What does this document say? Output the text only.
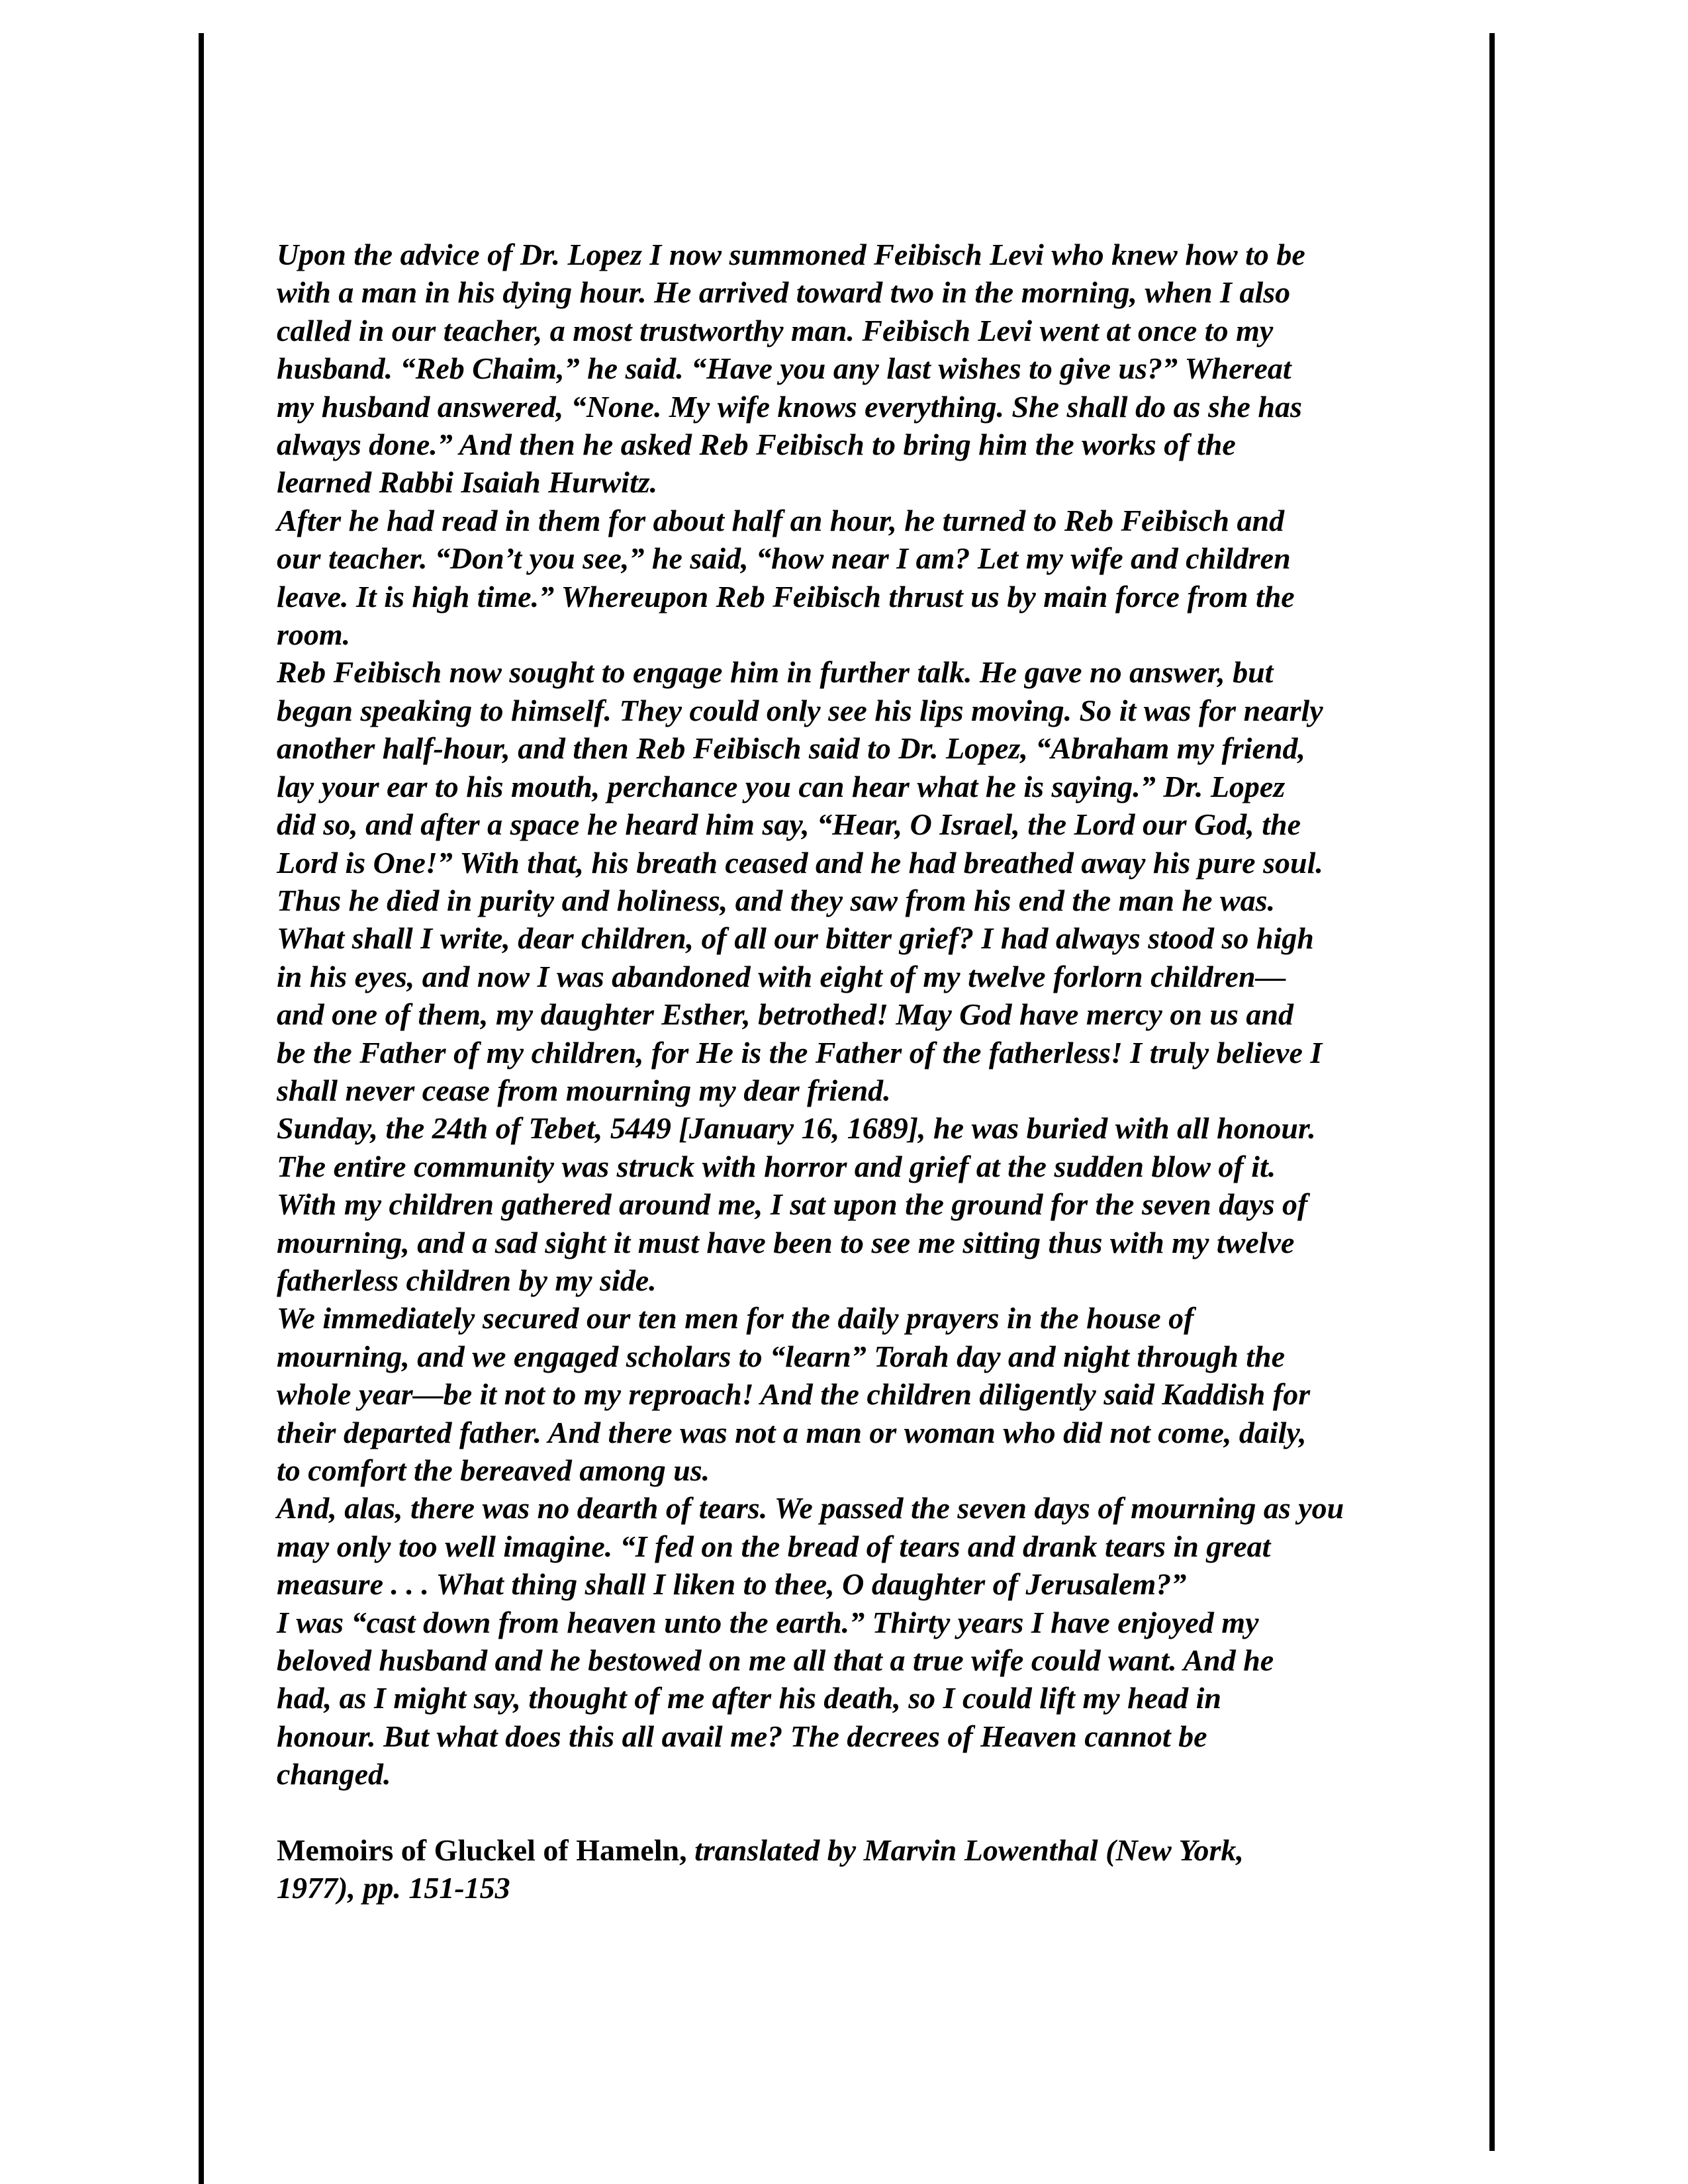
Upon the advice of Dr. Lopez I now summoned Feibisch Levi who knew how to be
with a man in his dying hour. He arrived toward two in the morning, when I also
called in our teacher, a most trustworthy man. Feibisch Levi went at once to my
husband. “Reb Chaim,” he said. “Have you any last wishes to give us?” Whereat
my husband answered, “None. My wife knows everything. She shall do as she has
always done.” And then he asked Reb Feibisch to bring him the works of the
learned Rabbi Isaiah Hurwitz.

After he had read in them for about half an hour, he turned to Reb Feibisch and
our teacher. “Don’t you see,” he said, “how near I am? Let my wife and children
leave. It is high time.” Whereupon Reb Feibisch thrust us by main force from the
room.

Reb Feibisch now sought to engage him in further talk. He gave no answer, but
began speaking to himself. They could only see his lips moving. So it was for nearly
another half-hour, and then Reb Feibisch said to Dr. Lopez, “Abraham my friend,
lay your ear to his mouth, perchance you can hear what he is saying.” Dr. Lopez
did so, and after a space he heard him say, “Hear, O Israel, the Lord our God, the
Lord is One!” With that, his breath ceased and he had breathed away his pure soul.
Thus he died in purity and holiness, and they saw from his end the man he was.

What shall I write, dear children, of all our bitter grief? I had always stood so high
in his eyes, and now I was abandoned with eight of my twelve forlorn children—
and one of them, my daughter Esther, betrothed! May God have mercy on us and
be the Father of my children, for He is the Father of the fatherless! I truly believe I
shall never cease from mourning my dear friend.

Sunday, the 24th of Tebet, 5449 [January 16, 1689], he was buried with all honour.
The entire community was struck with horror and grief at the sudden blow of it.
With my children gathered around me, I sat upon the ground for the seven days of
mourning, and a sad sight it must have been to see me sitting thus with my twelve
fatherless children by my side.

We immediately secured our ten men for the daily prayers in the house of
mourning, and we engaged scholars to “learn” Torah day and night through the
whole year—be it not to my reproach! And the children diligently said Kaddish for
their departed father. And there was not a man or woman who did not come, daily,
to comfort the bereaved among us.

And, alas, there was no dearth of tears. We passed the seven days of mourning as you
may only too well imagine. “I fed on the bread of tears and drank tears in great
measure . . . What thing shall I liken to thee, O daughter of Jerusalem?”

I was “cast down from heaven unto the earth.” Thirty years I have enjoyed my
beloved husband and he bestowed on me all that a true wife could want. And he
had, as I might say, thought of me after his death, so I could lift my head in
honour. But what does this all avail me? The decrees of Heaven cannot be
changed.

Memoirs of Gluckel of Hameln, translated by Marvin Lowenthal (New York,
1977), pp. 151-153
